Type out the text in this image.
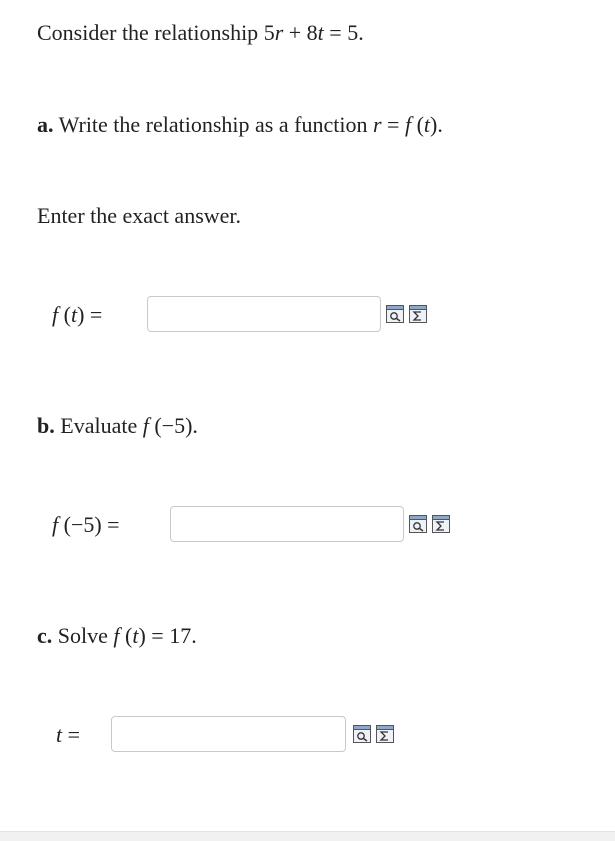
Consider the relationship 5r + 8t = 5.
a. Write the relationship as a function r = f (t).
Enter the exact answer.
f (t) =
b. Evaluate f (−5).
f (−5) =
c. Solve f (t) = 17.
t =
